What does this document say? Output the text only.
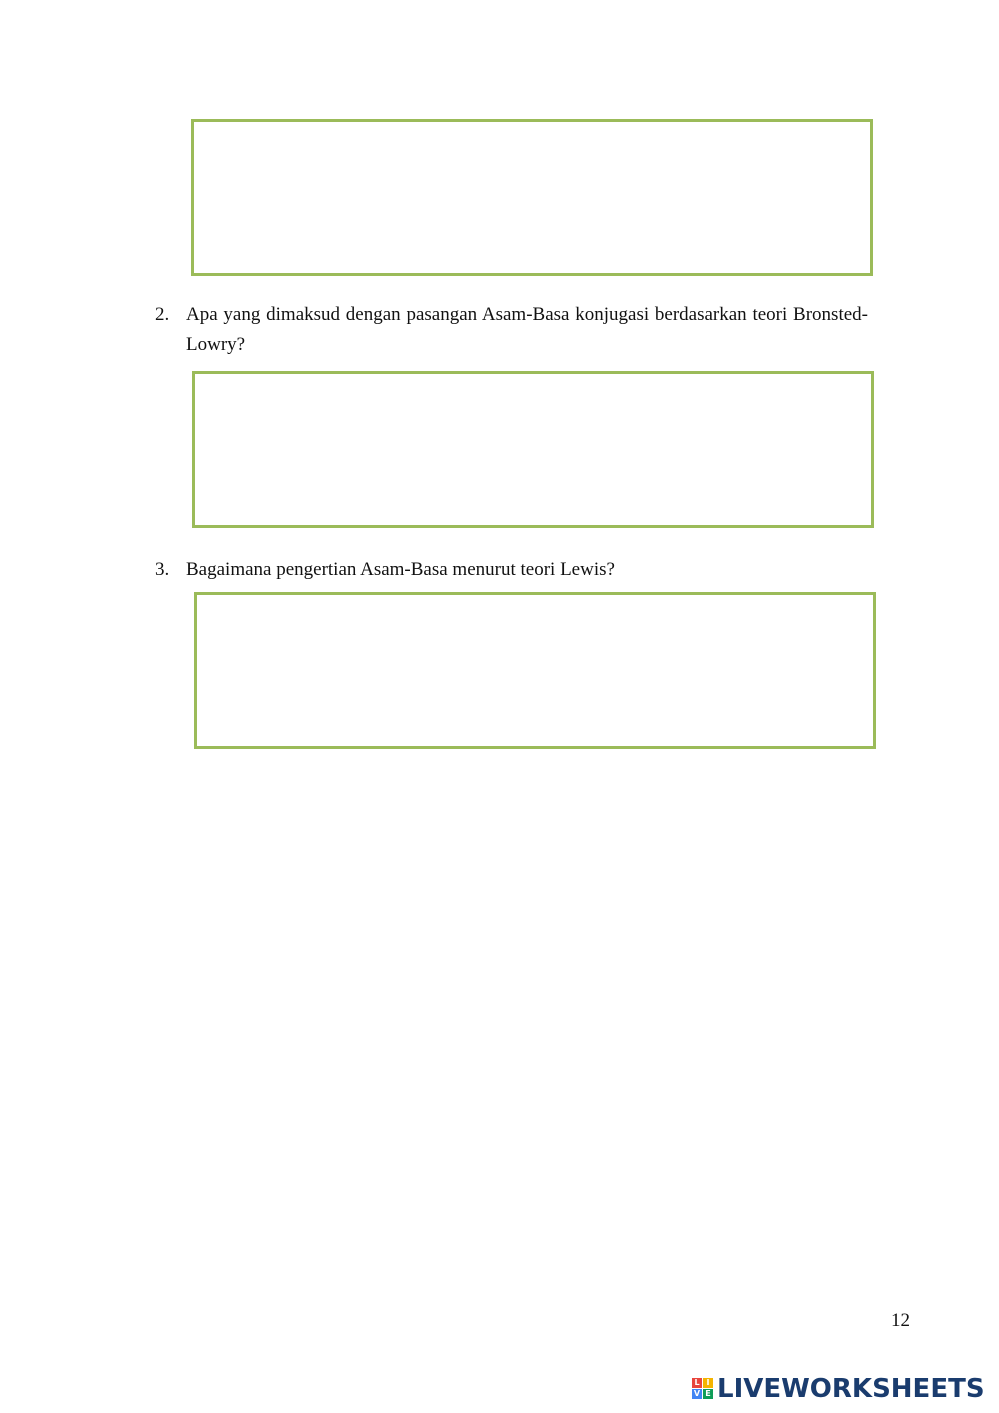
2. Apa yang dimaksud dengan pasangan Asam-Basa konjugasi berdasarkan teori Bronsted-Lowry?
3. Bagaimana pengertian Asam-Basa menurut teori Lewis?
12
L I
V E LIVEWORKSHEETS
